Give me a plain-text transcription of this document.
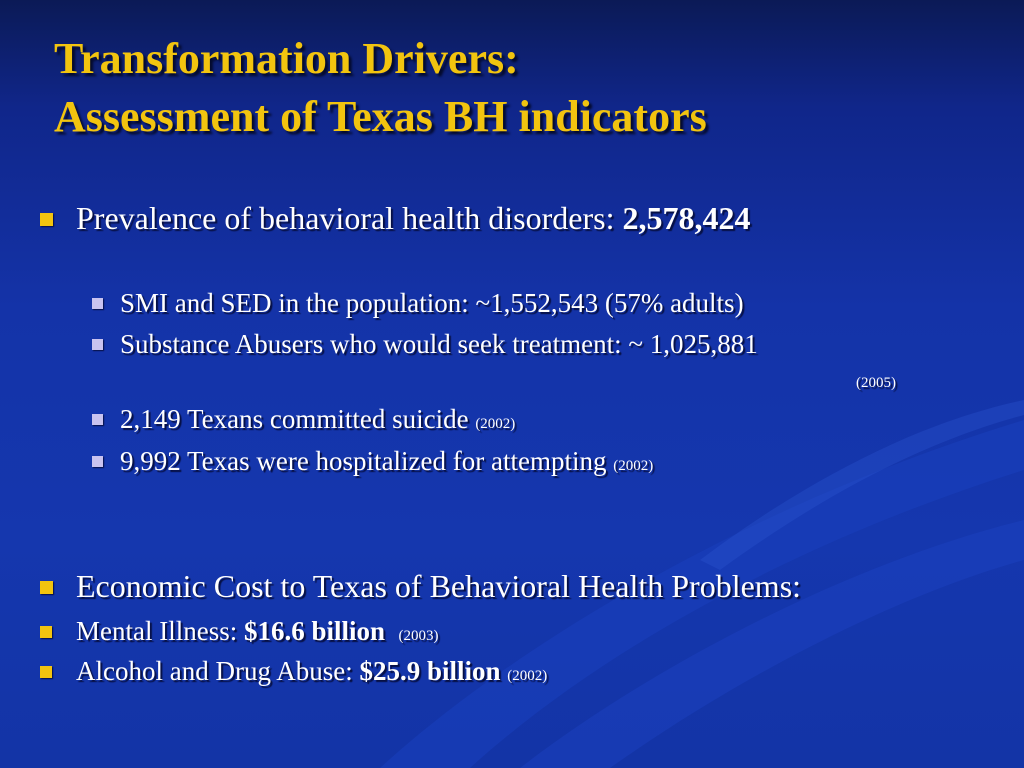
Transformation Drivers:
Assessment of Texas BH indicators
Prevalence of behavioral health disorders: 2,578,424
SMI and SED in the population: ~1,552,543 (57% adults)
Substance Abusers who would seek treatment: ~ 1,025,881
(2005)
2,149 Texans committed suicide (2002)
9,992 Texas were hospitalized for attempting (2002)
Economic Cost to Texas of Behavioral Health Problems:
Mental Illness: $16.6 billion (2003)
Alcohol and Drug Abuse: $25.9 billion (2002)
